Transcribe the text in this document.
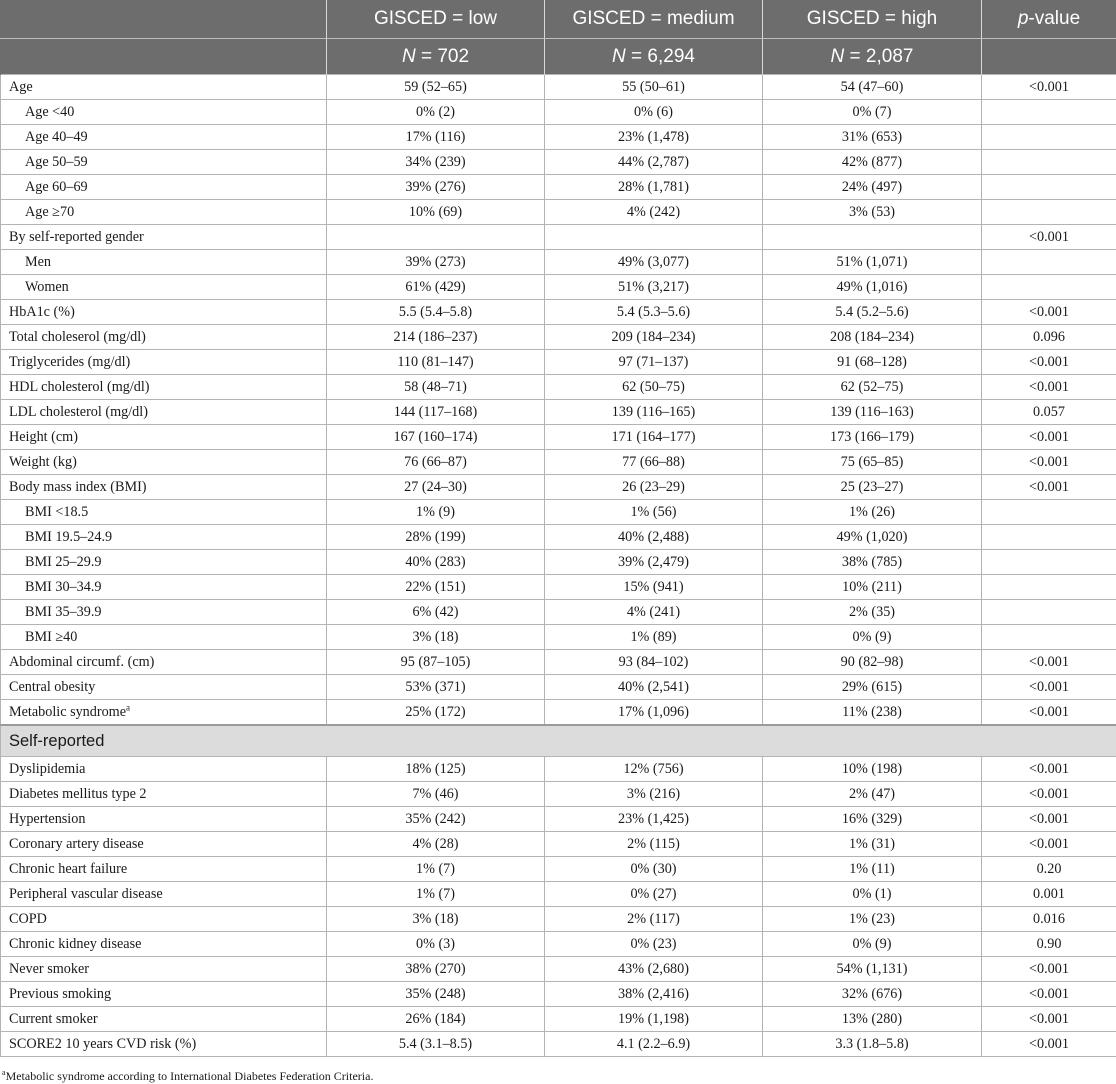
	GISCED = low	GISCED = medium	GISCED = high	p-value
	N = 702	N = 6,294	N = 2,087	
Age	59 (52–65)	55 (50–61)	54 (47–60)	<0.001
Age <40	0% (2)	0% (6)	0% (7)	
Age 40–49	17% (116)	23% (1,478)	31% (653)	
Age 50–59	34% (239)	44% (2,787)	42% (877)	
Age 60–69	39% (276)	28% (1,781)	24% (497)	
Age ≥70	10% (69)	4% (242)	3% (53)	
By self-reported gender				<0.001
Men	39% (273)	49% (3,077)	51% (1,071)	
Women	61% (429)	51% (3,217)	49% (1,016)	
HbA1c (%)	5.5 (5.4–5.8)	5.4 (5.3–5.6)	5.4 (5.2–5.6)	<0.001
Total choleserol (mg/dl)	214 (186–237)	209 (184–234)	208 (184–234)	0.096
Triglycerides (mg/dl)	110 (81–147)	97 (71–137)	91 (68–128)	<0.001
HDL cholesterol (mg/dl)	58 (48–71)	62 (50–75)	62 (52–75)	<0.001
LDL cholesterol (mg/dl)	144 (117–168)	139 (116–165)	139 (116–163)	0.057
Height (cm)	167 (160–174)	171 (164–177)	173 (166–179)	<0.001
Weight (kg)	76 (66–87)	77 (66–88)	75 (65–85)	<0.001
Body mass index (BMI)	27 (24–30)	26 (23–29)	25 (23–27)	<0.001
BMI <18.5	1% (9)	1% (56)	1% (26)	
BMI 19.5–24.9	28% (199)	40% (2,488)	49% (1,020)	
BMI 25–29.9	40% (283)	39% (2,479)	38% (785)	
BMI 30–34.9	22% (151)	15% (941)	10% (211)	
BMI 35–39.9	6% (42)	4% (241)	2% (35)	
BMI ≥40	3% (18)	1% (89)	0% (9)	
Abdominal circumf. (cm)	95 (87–105)	93 (84–102)	90 (82–98)	<0.001
Central obesity	53% (371)	40% (2,541)	29% (615)	<0.001
Metabolic syndrome$^a$	25% (172)	17% (1,096)	11% (238)	<0.001
Self-reported				
Dyslipidemia	18% (125)	12% (756)	10% (198)	<0.001
Diabetes mellitus type 2	7% (46)	3% (216)	2% (47)	<0.001
Hypertension	35% (242)	23% (1,425)	16% (329)	<0.001
Coronary artery disease	4% (28)	2% (115)	1% (31)	<0.001
Chronic heart failure	1% (7)	0% (30)	1% (11)	0.20
Peripheral vascular disease	1% (7)	0% (27)	0% (1)	0.001
COPD	3% (18)	2% (117)	1% (23)	0.016
Chronic kidney disease	0% (3)	0% (23)	0% (9)	0.90
Never smoker	38% (270)	43% (2,680)	54% (1,131)	<0.001
Previous smoking	35% (248)	38% (2,416)	32% (676)	<0.001
Current smoker	26% (184)	19% (1,198)	13% (280)	<0.001
SCORE2 10 years CVD risk (%)	5.4 (3.1–8.5)	4.1 (2.2–6.9)	3.3 (1.8–5.8)	<0.001
$^a$Metabolic syndrome according to International Diabetes Federation Criteria.
